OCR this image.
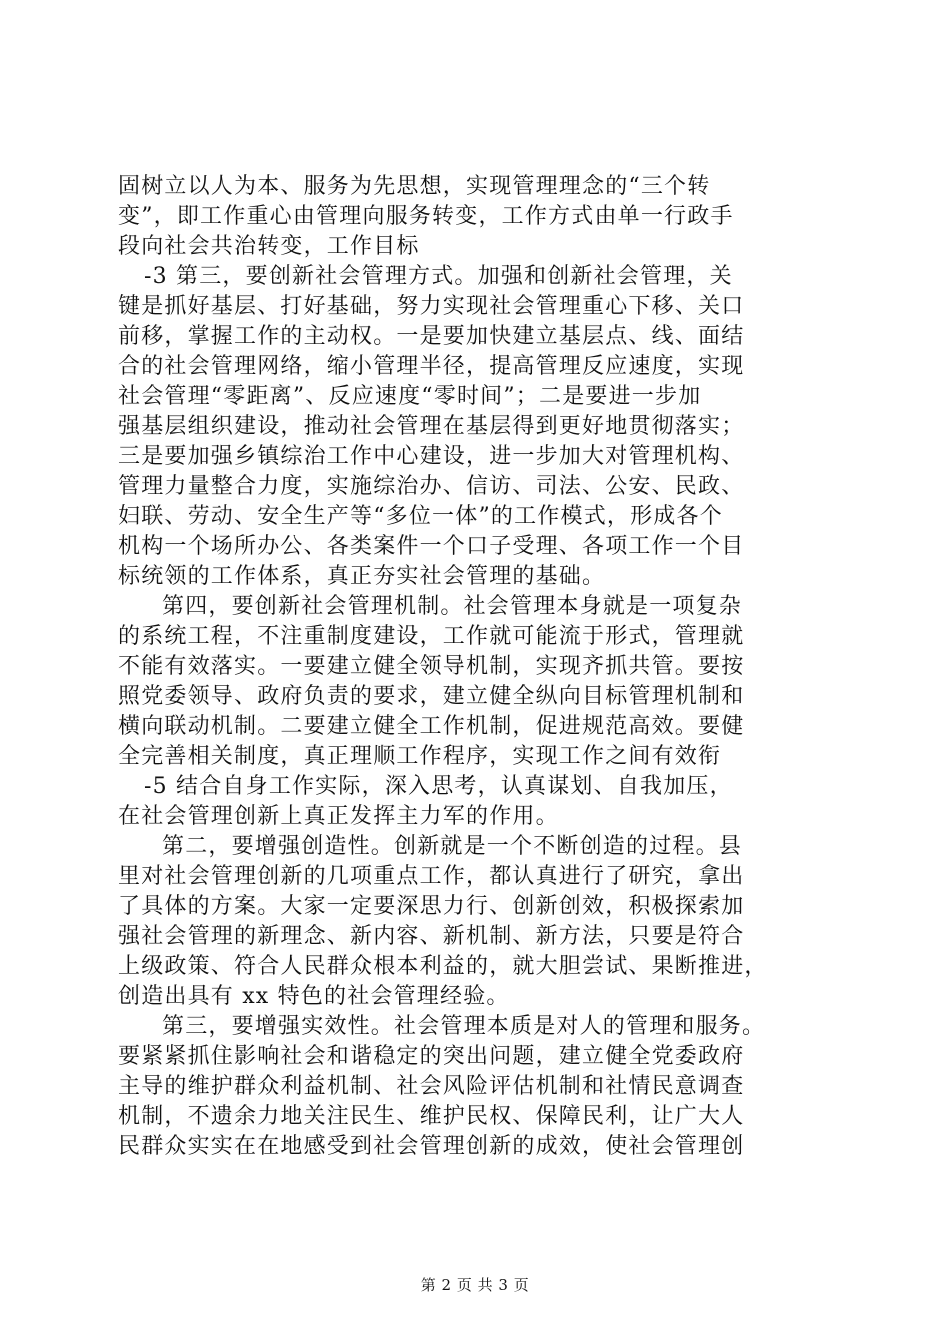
固树立以人为本、服务为先思想，实现管理理念的“三个转
变”，即工作重心由管理向服务转变，工作方式由单一行政手
段向社会共治转变，工作目标
-3 第三，要创新社会管理方式。加强和创新社会管理，关
键是抓好基层、打好基础，努力实现社会管理重心下移、关口
前移，掌握工作的主动权。一是要加快建立基层点、线、面结
合的社会管理网络，缩小管理半径，提高管理反应速度，实现
社会管理“零距离”、反应速度“零时间”；二是要进一步加
强基层组织建设，推动社会管理在基层得到更好地贯彻落实；
三是要加强乡镇综治工作中心建设，进一步加大对管理机构、
管理力量整合力度，实施综治办、信访、司法、公安、民政、
妇联、劳动、安全生产等“多位一体”的工作模式，形成各个
机构一个场所办公、各类案件一个口子受理、各项工作一个目
标统领的工作体系，真正夯实社会管理的基础。
第四，要创新社会管理机制。社会管理本身就是一项复杂
的系统工程，不注重制度建设，工作就可能流于形式，管理就
不能有效落实。一要建立健全领导机制，实现齐抓共管。要按
照党委领导、政府负责的要求，建立健全纵向目标管理机制和
横向联动机制。二要建立健全工作机制，促进规范高效。要健
全完善相关制度，真正理顺工作程序，实现工作之间有效衔
-5 结合自身工作实际，深入思考，认真谋划、自我加压，
在社会管理创新上真正发挥主力军的作用。
第二，要增强创造性。创新就是一个不断创造的过程。县
里对社会管理创新的几项重点工作，都认真进行了研究，拿出
了具体的方案。大家一定要深思力行、创新创效，积极探索加
强社会管理的新理念、新内容、新机制、新方法，只要是符合
上级政策、符合人民群众根本利益的，就大胆尝试、果断推进，
创造出具有 xx 特色的社会管理经验。
第三，要增强实效性。社会管理本质是对人的管理和服务。
要紧紧抓住影响社会和谐稳定的突出问题，建立健全党委政府
主导的维护群众利益机制、社会风险评估机制和社情民意调查
机制，不遗余力地关注民生、维护民权、保障民利，让广大人
民群众实实在在地感受到社会管理创新的成效，使社会管理创
第 2 页 共 3 页
